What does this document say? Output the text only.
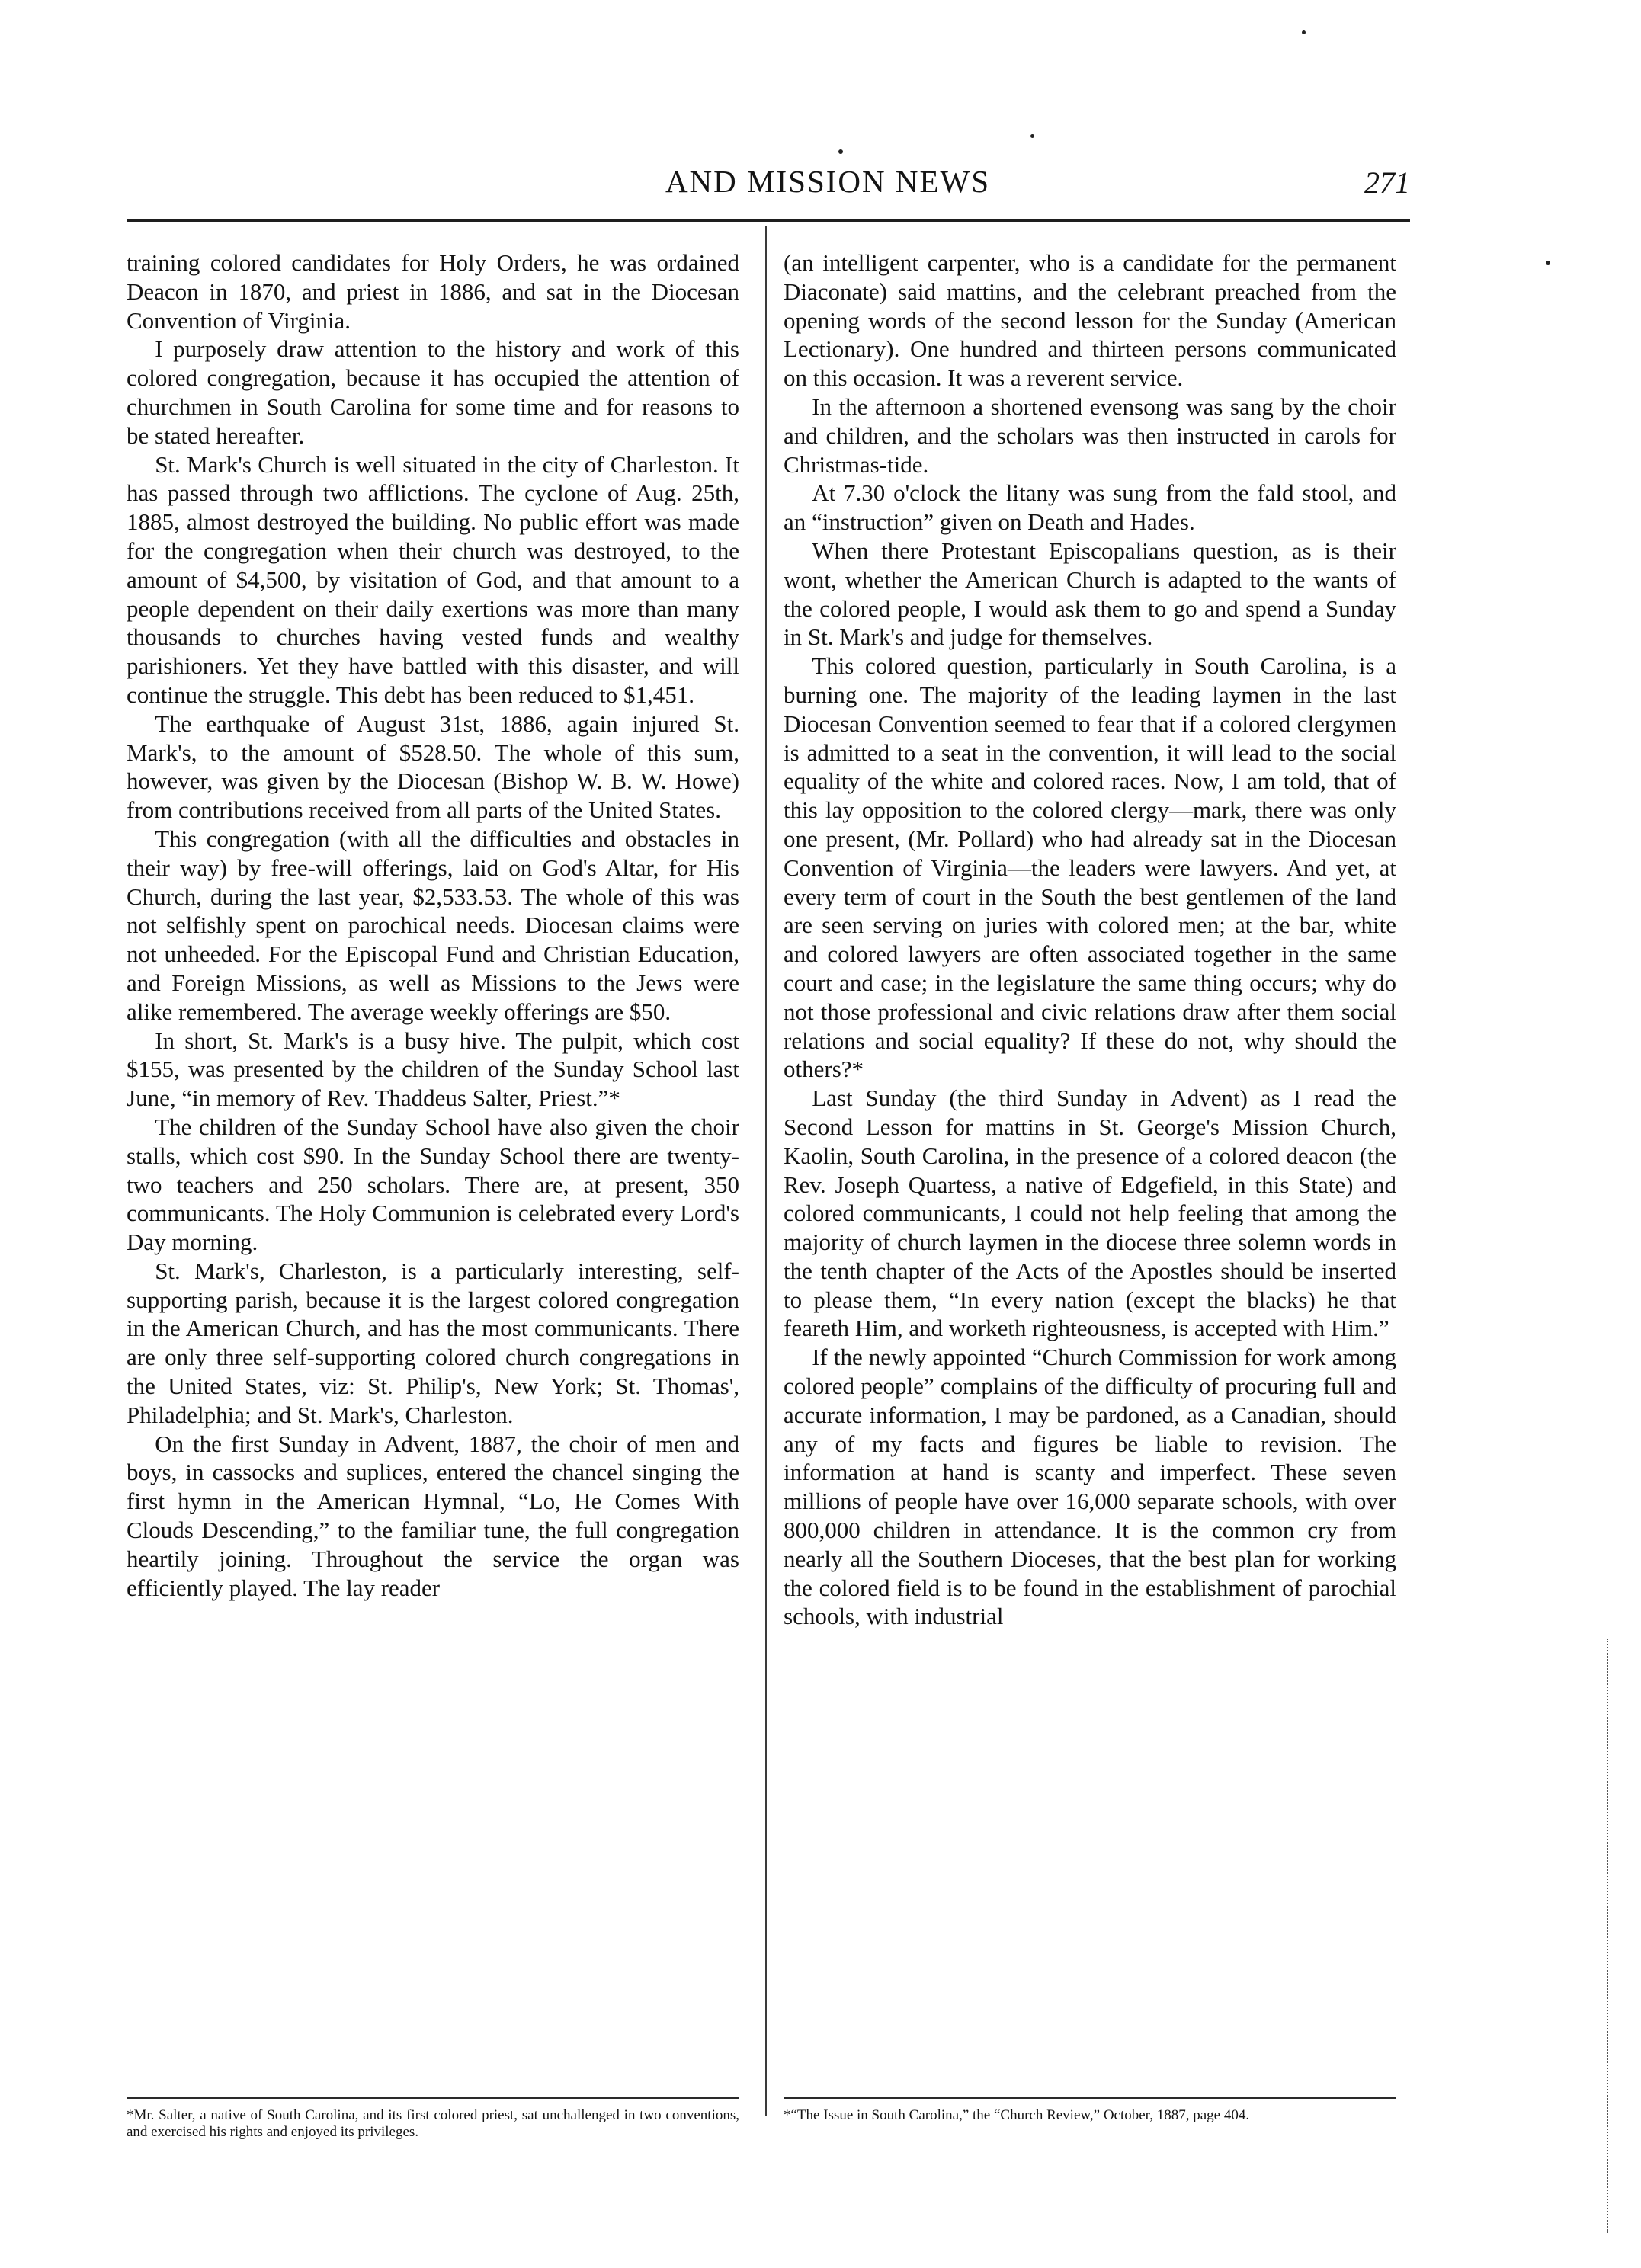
AND MISSION NEWS	271

training colored candidates for Holy Orders, he was ordained Deacon in 1870, and priest in 1886, and sat in the Diocesan Convention of Virginia.

I purposely draw attention to the history and work of this colored congregation, because it has occupied the attention of churchmen in South Carolina for some time and for reasons to be stated hereafter.

St. Mark's Church is well situated in the city of Charleston. It has passed through two afflictions. The cyclone of Aug. 25th, 1885, almost destroyed the building. No public effort was made for the congregation when their church was destroyed, to the amount of $4,500, by visitation of God, and that amount to a people dependent on their daily exertions was more than many thousands to churches having vested funds and wealthy parishioners. Yet they have battled with this disaster, and will continue the struggle. This debt has been reduced to $1,451.

The earthquake of August 31st, 1886, again injured St. Mark's, to the amount of $528.50. The whole of this sum, however, was given by the Diocesan (Bishop W. B. W. Howe) from contributions received from all parts of the United States.

This congregation (with all the difficulties and obstacles in their way) by free-will offerings, laid on God's Altar, for His Church, during the last year, $2,533.53. The whole of this was not selfishly spent on parochical needs. Diocesan claims were not unheeded. For the Episcopal Fund and Christian Education, and Foreign Missions, as well as Missions to the Jews were alike remembered. The average weekly offerings are $50.

In short, St. Mark's is a busy hive. The pulpit, which cost $155, was presented by the children of the Sunday School last June, “in memory of Rev. Thaddeus Salter, Priest.”*

The children of the Sunday School have also given the choir stalls, which cost $90. In the Sunday School there are twenty-two teachers and 250 scholars. There are, at present, 350 communicants. The Holy Communion is celebrated every Lord's Day morning.

St. Mark's, Charleston, is a particularly interesting, self-supporting parish, because it is the largest colored congregation in the American Church, and has the most communicants. There are only three self-supporting colored church congregations in the United States, viz: St. Philip's, New York; St. Thomas', Philadelphia; and St. Mark's, Charleston.

On the first Sunday in Advent, 1887, the choir of men and boys, in cassocks and suplices, entered the chancel singing the first hymn in the American Hymnal, “Lo, He Comes With Clouds Descending,” to the familiar tune, the full congregation heartily joining. Throughout the service the organ was efficiently played. The lay reader

(an intelligent carpenter, who is a candidate for the permanent Diaconate) said mattins, and the celebrant preached from the opening words of the second lesson for the Sunday (American Lectionary). One hundred and thirteen persons communicated on this occasion. It was a reverent service.

In the afternoon a shortened evensong was sang by the choir and children, and the scholars was then instructed in carols for Christmas-tide.

At 7.30 o'clock the litany was sung from the fald stool, and an “instruction” given on Death and Hades.

When there Protestant Episcopalians question, as is their wont, whether the American Church is adapted to the wants of the colored people, I would ask them to go and spend a Sunday in St. Mark's and judge for themselves.

This colored question, particularly in South Carolina, is a burning one. The majority of the leading laymen in the last Diocesan Convention seemed to fear that if a colored clergymen is admitted to a seat in the convention, it will lead to the social equality of the white and colored races. Now, I am told, that of this lay opposition to the colored clergy—mark, there was only one present, (Mr. Pollard) who had already sat in the Diocesan Convention of Virginia—the leaders were lawyers. And yet, at every term of court in the South the best gentlemen of the land are seen serving on juries with colored men; at the bar, white and colored lawyers are often associated together in the same court and case; in the legislature the same thing occurs; why do not those professional and civic relations draw after them social relations and social equality? If these do not, why should the others?*

Last Sunday (the third Sunday in Advent) as I read the Second Lesson for mattins in St. George's Mission Church, Kaolin, South Carolina, in the presence of a colored deacon (the Rev. Joseph Quartess, a native of Edgefield, in this State) and colored communicants, I could not help feeling that among the majority of church laymen in the diocese three solemn words in the tenth chapter of the Acts of the Apostles should be inserted to please them, “In every nation (except the blacks) he that feareth Him, and worketh righteousness, is accepted with Him.”

If the newly appointed “Church Commission for work among colored people” complains of the difficulty of procuring full and accurate information, I may be pardoned, as a Canadian, should any of my facts and figures be liable to revision. The information at hand is scanty and imperfect. These seven millions of people have over 16,000 separate schools, with over 800,000 children in attendance. It is the common cry from nearly all the Southern Dioceses, that the best plan for working the colored field is to be found in the establishment of parochial schools, with industrial

*Mr. Salter, a native of South Carolina, and its first colored priest, sat unchallenged in two conventions, and exercised his rights and enjoyed its privileges.
*“The Issue in South Carolina,” the “Church Review,” October, 1887, page 404.
